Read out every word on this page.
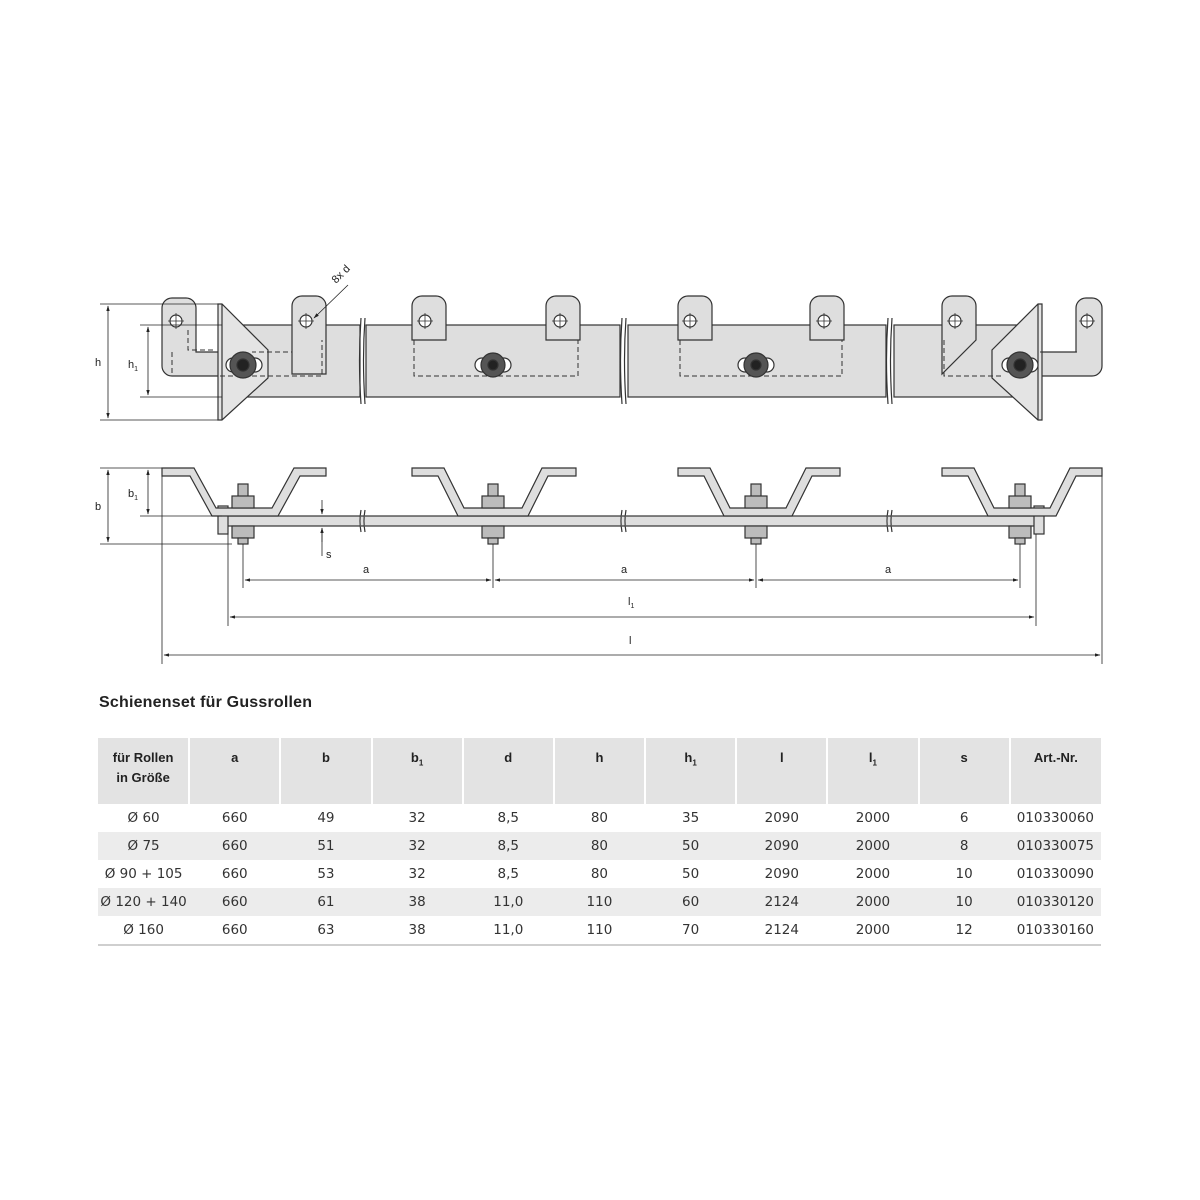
h $h_1$
8x d
b
$b_1$
s
a	a	a
$l_1$
l
Schienenset für Gussrollen
für Rollen
in Größe	a	b	$b_1$	d	h	$h_1$	l	$l_1$	s	Art.-Nr.
Ø 60	660	49	32	8,5	80	35	2090	2000	6	010330060
Ø 75	660	51	32	8,5	80	50	2090	2000	8	010330075
Ø 90 + 105	660	53	32	8,5	80	50	2090	2000	10	010330090
Ø 120 + 140	660	61	38	11,0	110	60	2124	2000	10	010330120
Ø 160	660	63	38	11,0	110	70	2124	2000	12	010330160
